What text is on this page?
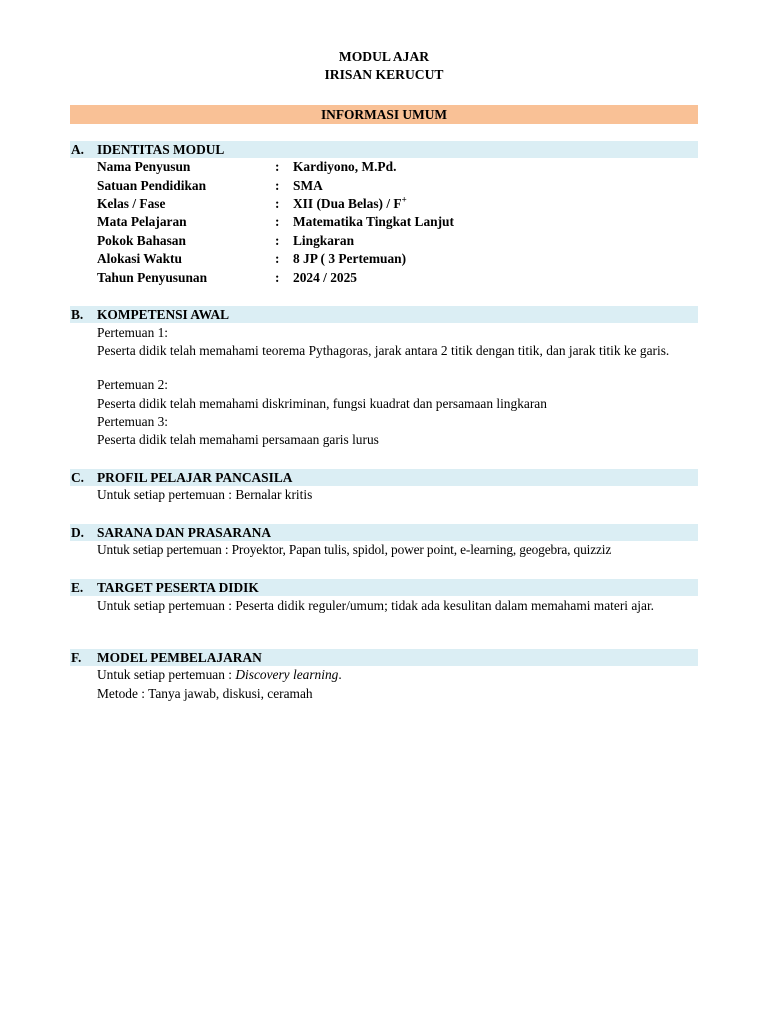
MODUL AJAR
IRISAN KERUCUT
INFORMASI UMUM
A. IDENTITAS MODUL
Nama Penyusun	: Kardiyono, M.Pd.
Satuan Pendidikan	: SMA
Kelas / Fase	: XII (Dua Belas) / F+
Mata Pelajaran	: Matematika Tingkat Lanjut
Pokok Bahasan	: Lingkaran
Alokasi Waktu	: 8 JP ( 3 Pertemuan)
Tahun Penyusunan	: 2024 / 2025
B. KOMPETENSI AWAL
Pertemuan 1:
Peserta didik telah memahami teorema Pythagoras, jarak antara 2 titik dengan titik, dan jarak titik ke garis.
Pertemuan 2:
Peserta didik telah memahami diskriminan, fungsi kuadrat dan persamaan lingkaran
Pertemuan 3:
Peserta didik telah memahami persamaan garis lurus
C. PROFIL PELAJAR PANCASILA
Untuk setiap pertemuan : Bernalar kritis
D. SARANA DAN PRASARANA
Untuk setiap pertemuan : Proyektor, Papan tulis, spidol, power point, e-learning, geogebra, quizziz
E. TARGET PESERTA DIDIK
Untuk setiap pertemuan : Peserta didik reguler/umum; tidak ada kesulitan dalam memahami materi ajar.
F. MODEL PEMBELAJARAN
Untuk setiap pertemuan : Discovery learning.
Metode : Tanya jawab, diskusi, ceramah
